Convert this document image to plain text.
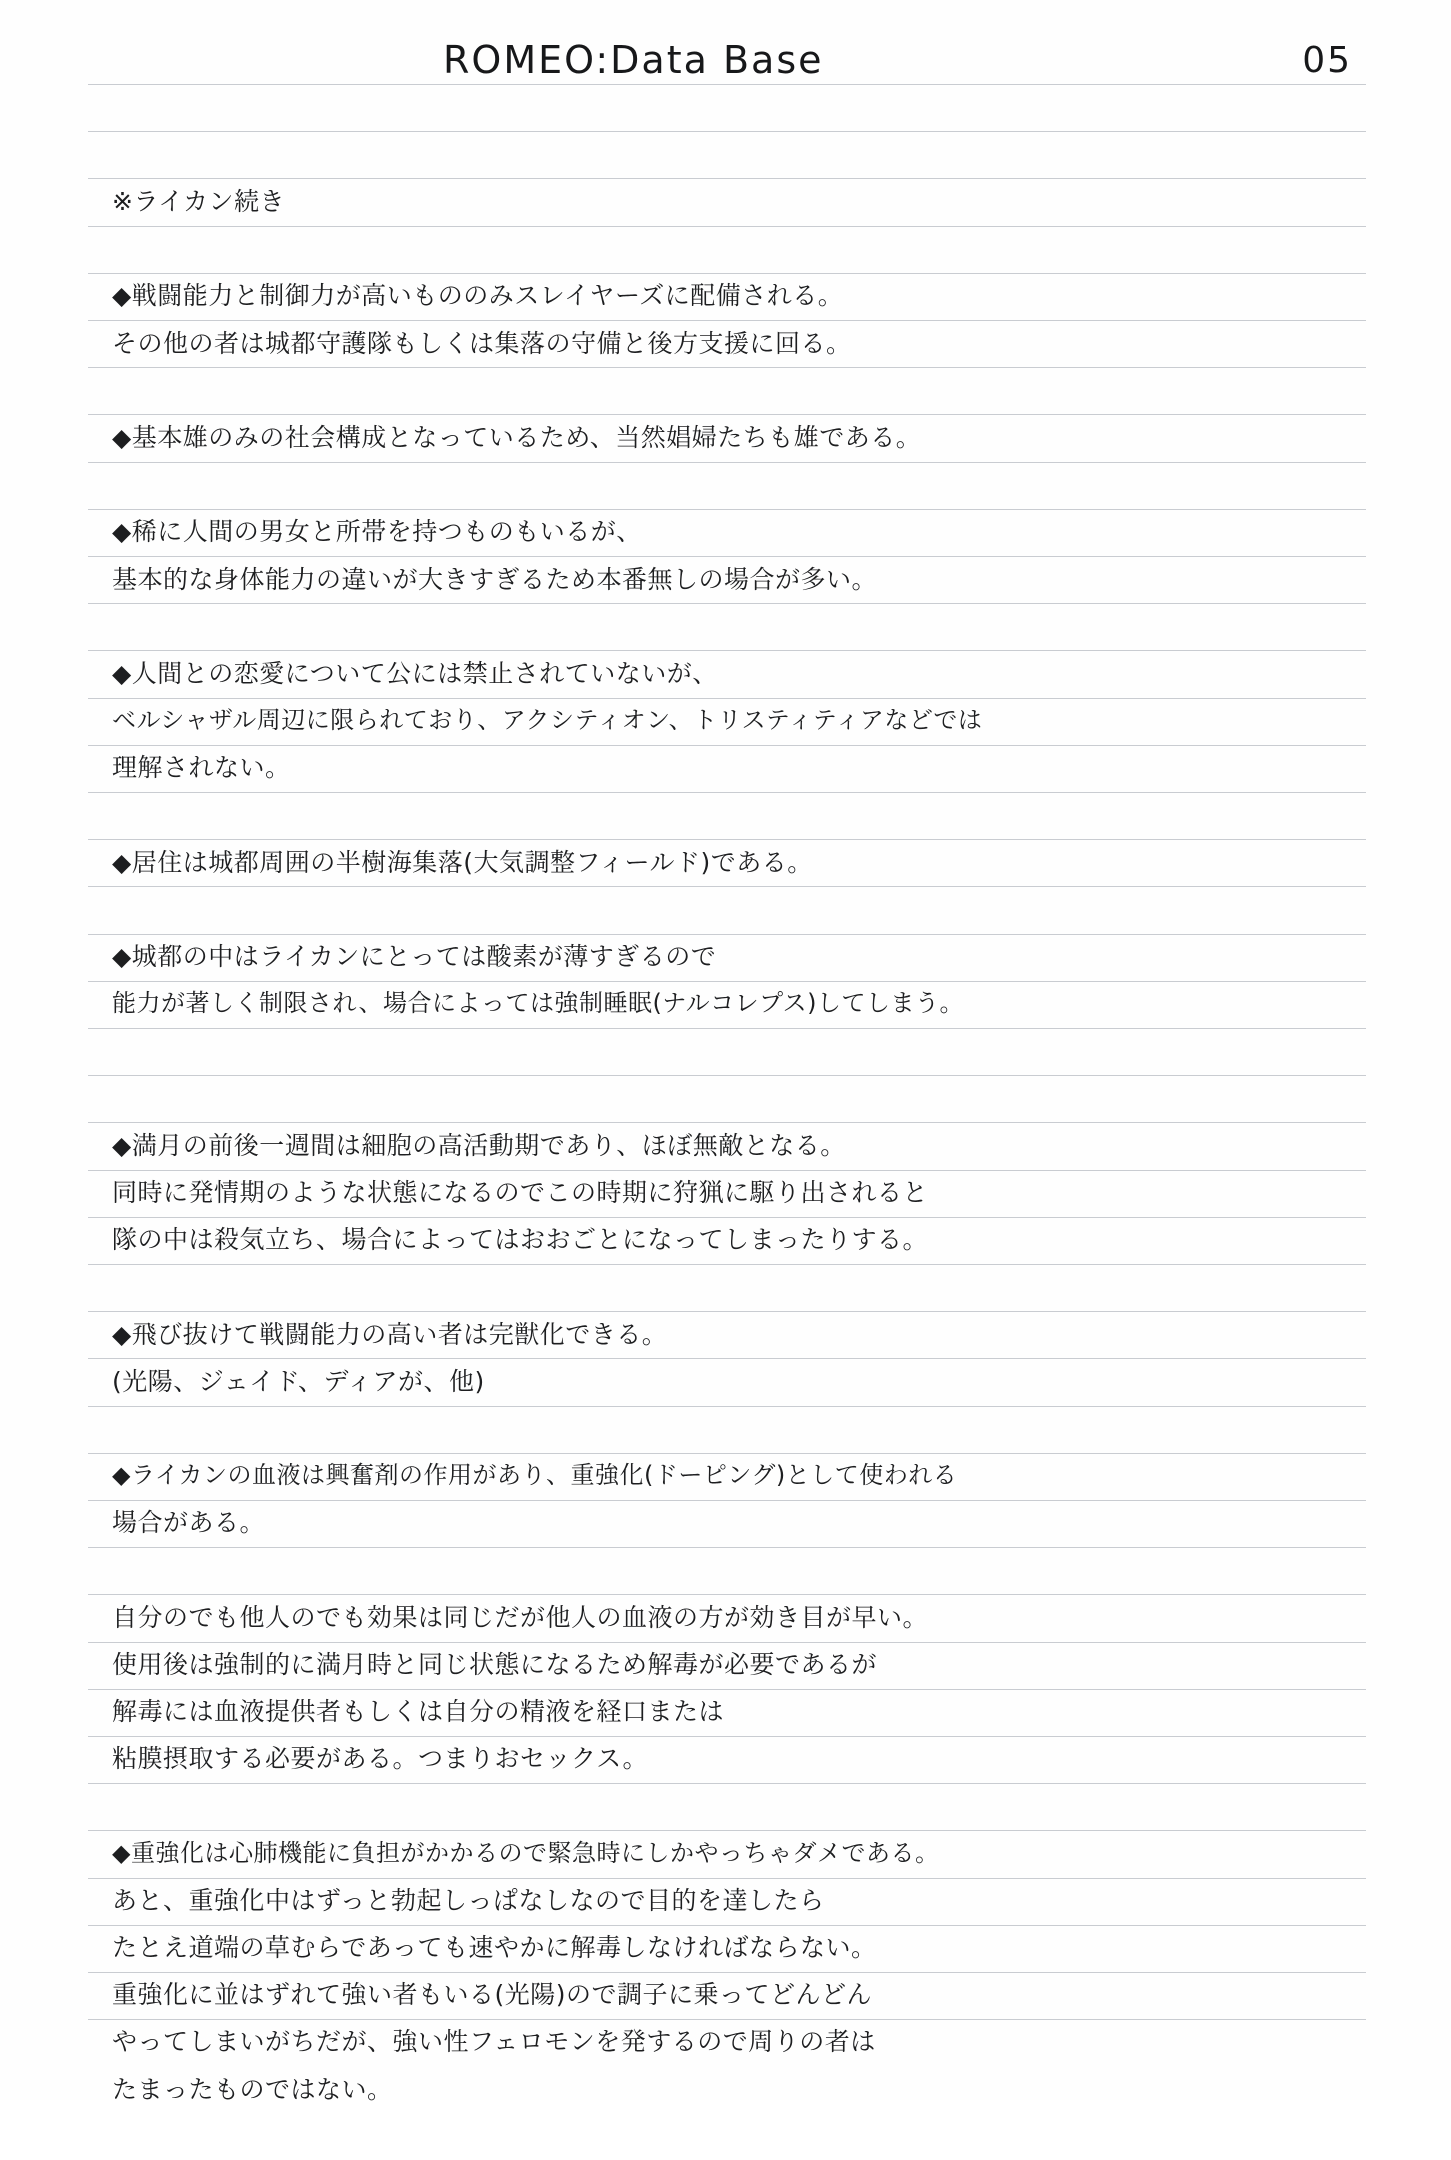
ROMEO:Data Base	05
※ライカン続き
◆戦闘能力と制御力が高いもののみスレイヤーズに配備される。
その他の者は城都守護隊もしくは集落の守備と後方支援に回る。
◆基本雄のみの社会構成となっているため、当然娼婦たちも雄である。
◆稀に人間の男女と所帯を持つものもいるが、
基本的な身体能力の違いが大きすぎるため本番無しの場合が多い。
◆人間との恋愛について公には禁止されていないが、
ベルシャザル周辺に限られており、アクシティオン、トリスティティアなどでは
理解されない。
◆居住は城都周囲の半樹海集落(大気調整フィールド)である。
◆城都の中はライカンにとっては酸素が薄すぎるので
能力が著しく制限され、場合によっては強制睡眠(ナルコレプス)してしまう。
◆満月の前後一週間は細胞の高活動期であり、ほぼ無敵となる。
同時に発情期のような状態になるのでこの時期に狩猟に駆り出されると
隊の中は殺気立ち、場合によってはおおごとになってしまったりする。
◆飛び抜けて戦闘能力の高い者は完獣化できる。
(光陽、ジェイド、ディアが、他)
◆ライカンの血液は興奮剤の作用があり、重強化(ドーピング)として使われる
場合がある。
自分のでも他人のでも効果は同じだが他人の血液の方が効き目が早い。
使用後は強制的に満月時と同じ状態になるため解毒が必要であるが
解毒には血液提供者もしくは自分の精液を経口または
粘膜摂取する必要がある。つまりおセックス。
◆重強化は心肺機能に負担がかかるので緊急時にしかやっちゃダメである。
あと、重強化中はずっと勃起しっぱなしなので目的を達したら
たとえ道端の草むらであっても速やかに解毒しなければならない。
重強化に並はずれて強い者もいる(光陽)ので調子に乗ってどんどん
やってしまいがちだが、強い性フェロモンを発するので周りの者は
たまったものではない。
